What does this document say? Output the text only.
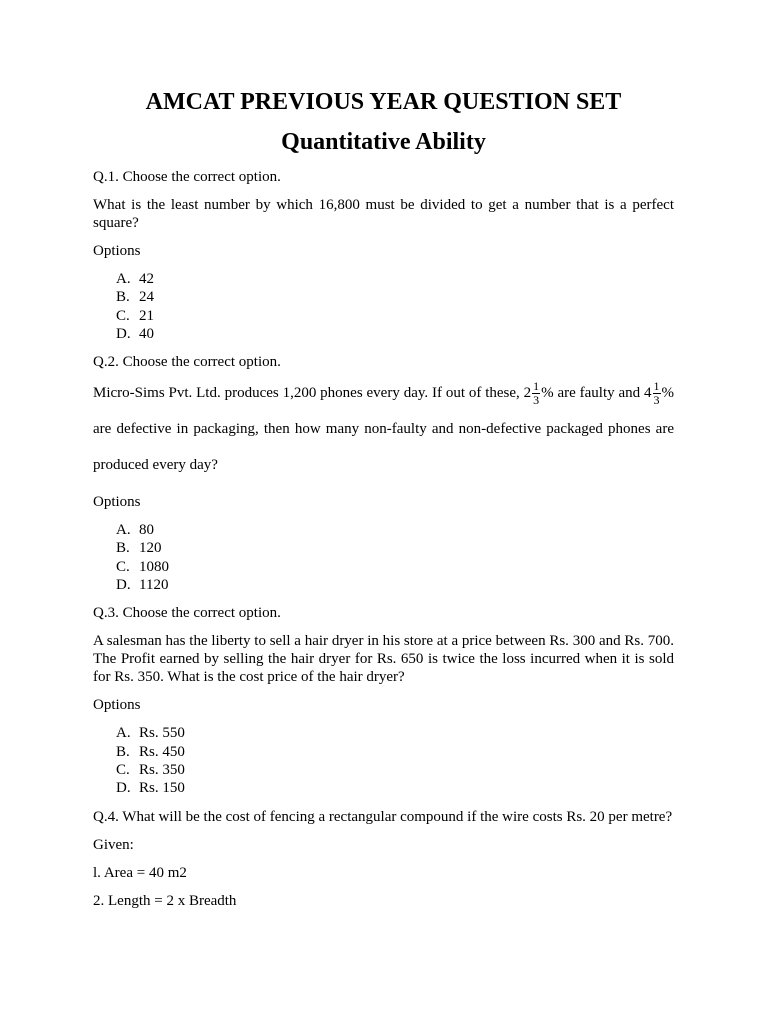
AMCAT PREVIOUS YEAR QUESTION SET
Quantitative Ability

Q.1. Choose the correct option.

What is the least number by which 16,800 must be divided to get a number that is a perfect square?

Options

A. 42
B. 24
C. 21
D. 40

Q.2. Choose the correct option.

Micro-Sims Pvt. Ltd. produces 1,200 phones every day. If out of these, $2 \frac{1}{3}$ % are faulty and $4 \frac{1}{3}$ % are defective in packaging, then how many non-faulty and non-defective packaged phones are produced every day?

Options

A. 80
B. 120
C. 1080
D. 1120

Q.3. Choose the correct option.

A salesman has the liberty to sell a hair dryer in his store at a price between Rs. 300 and Rs. 700. The Profit earned by selling the hair dryer for Rs. 650 is twice the loss incurred when it is sold for Rs. 350. What is the cost price of the hair dryer?

Options

A. Rs. 550
B. Rs. 450
C. Rs. 350
D. Rs. 150

Q.4. What will be the cost of fencing a rectangular compound if the wire costs Rs. 20 per metre?

Given:

l. Area = 40 m2

2. Length = 2 x Breadth
